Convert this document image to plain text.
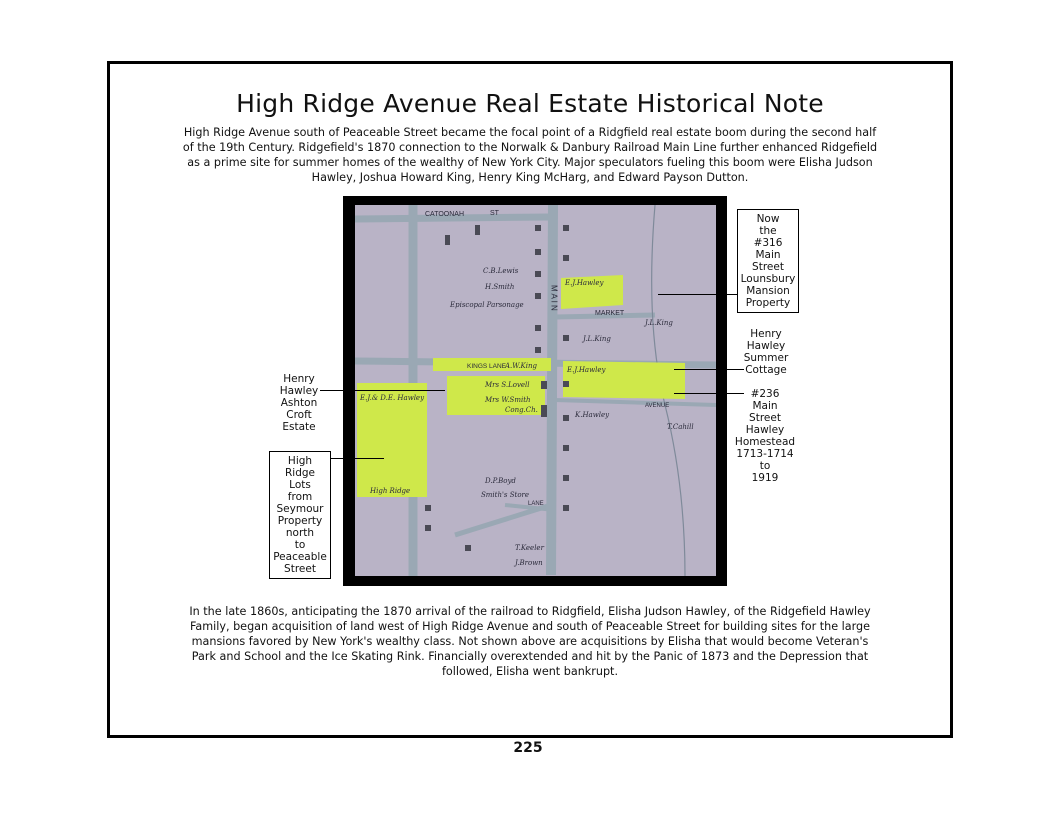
High Ridge Avenue Real Estate Historical Note
High Ridge Avenue south of Peaceable Street became the focal point of a Ridgfield real estate boom during the second half of the 19th Century. Ridgefield's 1870 connection to the Norwalk & Danbury Railroad Main Line further enhanced Ridgefield as a prime site for summer homes of the wealthy of New York City. Major speculators fueling this boom were Elisha Judson Hawley, Joshua Howard King, Henry King McHarg, and Edward Payson Dutton.
In the late 1860s, anticipating the 1870 arrival of the railroad to Ridgfield, Elisha Judson Hawley, of the Ridgefield Hawley Family, began acquisition of land west of High Ridge Avenue and south of Peaceable Street for building sites for the large mansions favored by New York's wealthy class. Not shown above are acquisitions by Elisha that would become Veteran's Park and School and the Ice Skating Rink. Financially overextended and hit by the Panic of 1873 and the Depression that followed, Elisha went bankrupt.
CATOONAH	ST
KINGS LANE
MARKET
AVENUE
LANE
E.J.Hawley
E.J.Hawley
J.L.King
A.W.King
Mrs S.Lovell
Mrs W.Smith
Cong.Ch.
E.J.& D.E. Hawley
High Ridge
Episcopal Parsonage
C.B.Lewis
H.Smith
K.Hawley
T.Cahill
D.P.Boyd
Smith's Store
T.Keeler
J.Brown
J.L.King
M A I N
Now
the
#316
Main
Street
Lounsbury
Mansion
Property
Henry
Hawley
Summer
Cottage
#236
Main
Street
Hawley
Homestead
1713-1714
to
1919
Henry
Hawley
Ashton
Croft
Estate
High
Ridge
Lots
from
Seymour
Property
north
to
Peaceable
Street
225
